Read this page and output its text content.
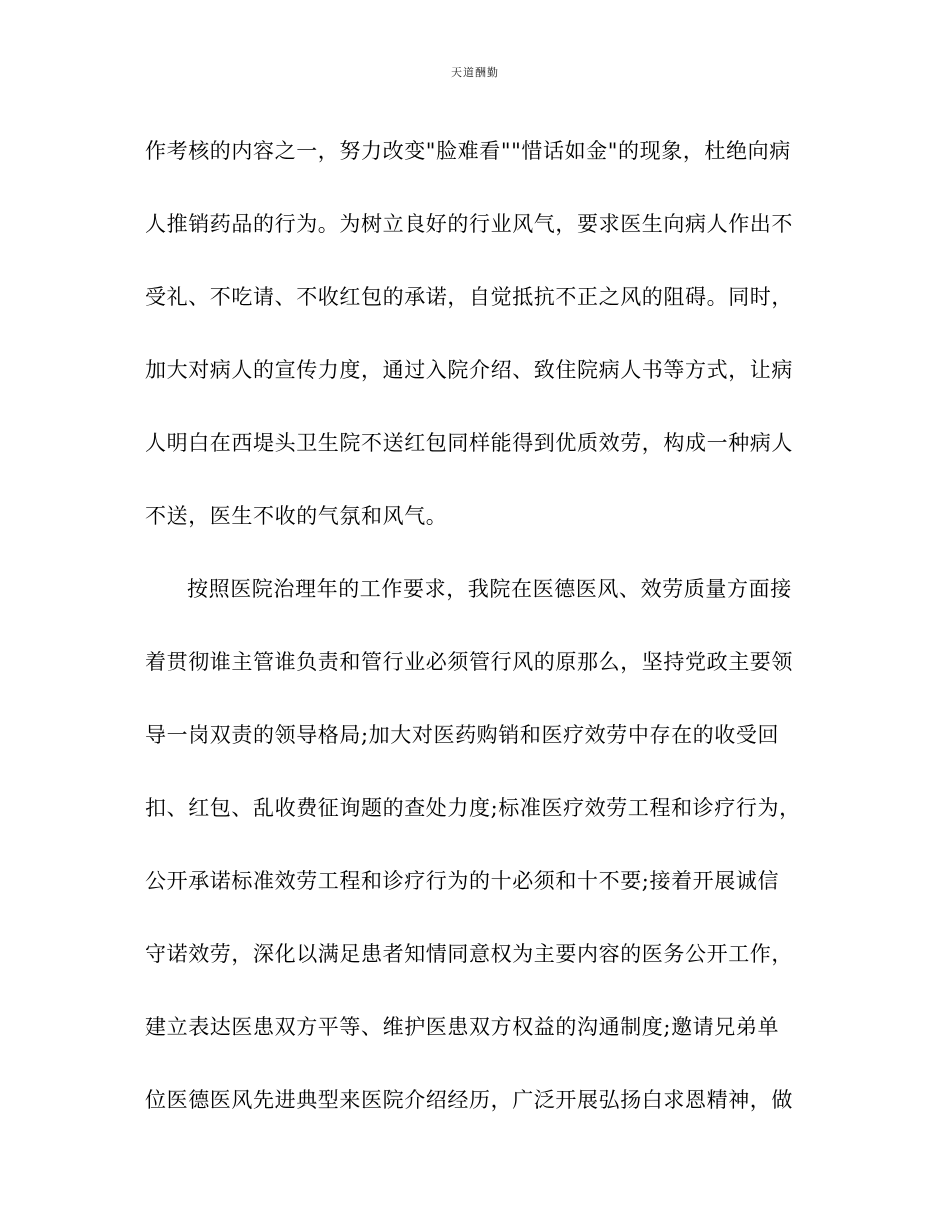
天道酬勤
作考核的内容之一，努力改变"脸难看""惜话如金"的现象，杜绝向病
人推销药品的行为。为树立良好的行业风气，要求医生向病人作出不
受礼、不吃请、不收红包的承诺，自觉抵抗不正之风的阻碍。同时，
加大对病人的宣传力度，通过入院介绍、致住院病人书等方式，让病
人明白在西堤头卫生院不送红包同样能得到优质效劳，构成一种病人
不送，医生不收的气氛和风气。
按照医院治理年的工作要求，我院在医德医风、效劳质量方面接
着贯彻谁主管谁负责和管行业必须管行风的原那么，坚持党政主要领
导一岗双责的领导格局;加大对医药购销和医疗效劳中存在的收受回
扣、红包、乱收费征询题的查处力度;标准医疗效劳工程和诊疗行为，
公开承诺标准效劳工程和诊疗行为的十必须和十不要;接着开展诚信
守诺效劳，深化以满足患者知情同意权为主要内容的医务公开工作，
建立表达医患双方平等、维护医患双方权益的沟通制度;邀请兄弟单
位医德医风先进典型来医院介绍经历，广泛开展弘扬白求恩精神，做
